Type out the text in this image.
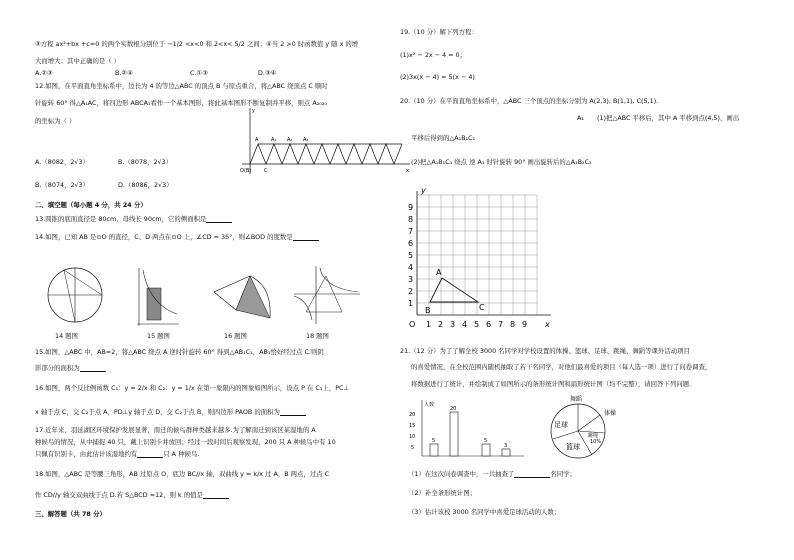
③方程 ax²+bx +c=0 的两个实数根分别位于 −1/2 <x<0 和 2<x< 5/2 之间；④当 2 >0 时函数值 y 随 x 的增
大而增大；其中正确的是（ ）
A.②③	B.②④	C.①③	D.③④
12.如图，在平面直角坐标系中，边长为 4 的等边△ABC 的顶点 B 与原点重合，将△ABC 绕顶点 C 顺时
针旋转 60° 得△A₁AC，将四边形 ABCA₁看作一个基本图形，将此基本图形不断复制并平移，则点 A₂₀₂₀
的坐标为（ ）
A.（8082，2√3）	B.（8078，2√3）
B.（8074，2√3）	D.（8086，2√3）
A	A₁ A₂ A₃
O(B)	C	x
y
二、填空题（每小题 4 分，共 24 分）
13.圆锥的底面直径是 80cm，母线长 90cm，它的侧面积是
14.如图，已知 AB 是⊙O 的直径，C、D 两点在⊙O 上，∠CD = 35°，则∠BOD 的度数是
14 题图	15 题图	16 题图	18 题图
15.如图，△ABC 中，AB=2，将△ABC 绕点 A 逆时针旋转 60° 得到△AB₁C₁，AB₁恰好经过点 C.则阴
影部分的面积为
16.如图，两个反比例函数 C₁：y = 2/x 和 C₂：y = 1/x 在第一象限内的图象如图所示，设点 P 在 C₁上，PC⊥
x 轴于点 C，交 C₂于点 A，PD⊥y 轴于点 D，交 C₂于点 B，则四边形 PAOB 的面积为
17.近年来，羽延湖区环境保护发展显著，南迁的候鸟群种类越来越多.为了解南迁到该区某湿地的 A
种候鸟的情况，从中捕捉 40 只，戴上识别卡并放回；经过一段时间后观察发现，200 只 A 种候鸟中有 10
只佩有识别卡，由此估计该湿地约有	只 A 种候鸟.
18.如图，△ABC 是等腰三角形，AB 过原点 O，底边 BC//x 轴，双曲线 y = k/x 过 A，B 两点，过点 C
作 CD//y 轴交双曲线于点 D.若 S△BCD =12，则 k 的值是
三、解答题（共 78 分）
19.（10 分）解下列方程：
(1)x² − 2x − 4 = 0；
(2)3x(x − 4) = 5(x − 4)
20.（10 分）在平面直角坐标系中，△ABC 三个顶点的坐标分别为 A(2,3), B(1,1), C(5,1).
A₁ (1)把△ABC 平移后，其中 A 平移到点(4,5)，画出
平移后得到的△A₁B₁C₁
(2)把△A₁B₁C₁ 绕点 逆 A₁ 时针旋转 90° 画出旋转后的△A₁B₂C₂
1 2 3 4 5 6 7 8 9
1
2
3
4
5
6
7
8
9
O	x
y
A
B	C
21.（12 分）为了了解全校 3000 名同学对学校设置的体操、篮球、足球、跳绳、舞蹈等课外活动项目
的喜爱情况，在全校范围内随机抽取了若干名同学，对他们最喜爱的项目（每人选一项）进行了问卷调查，
将数据进行了统计，并绘制成了如图所示的条形统计图和扇形统计图（均不完整），请回答下列问题.
人数
20
15
10
5
20
5	5
3
舞蹈
体操
足球
篮球
跳绳
10%
（1）在这次问卷调查中，一共抽查了	名同学；
（2）补全条形统计图；
（3）估计该校 3000 名同学中喜爱足球活动的人数；
